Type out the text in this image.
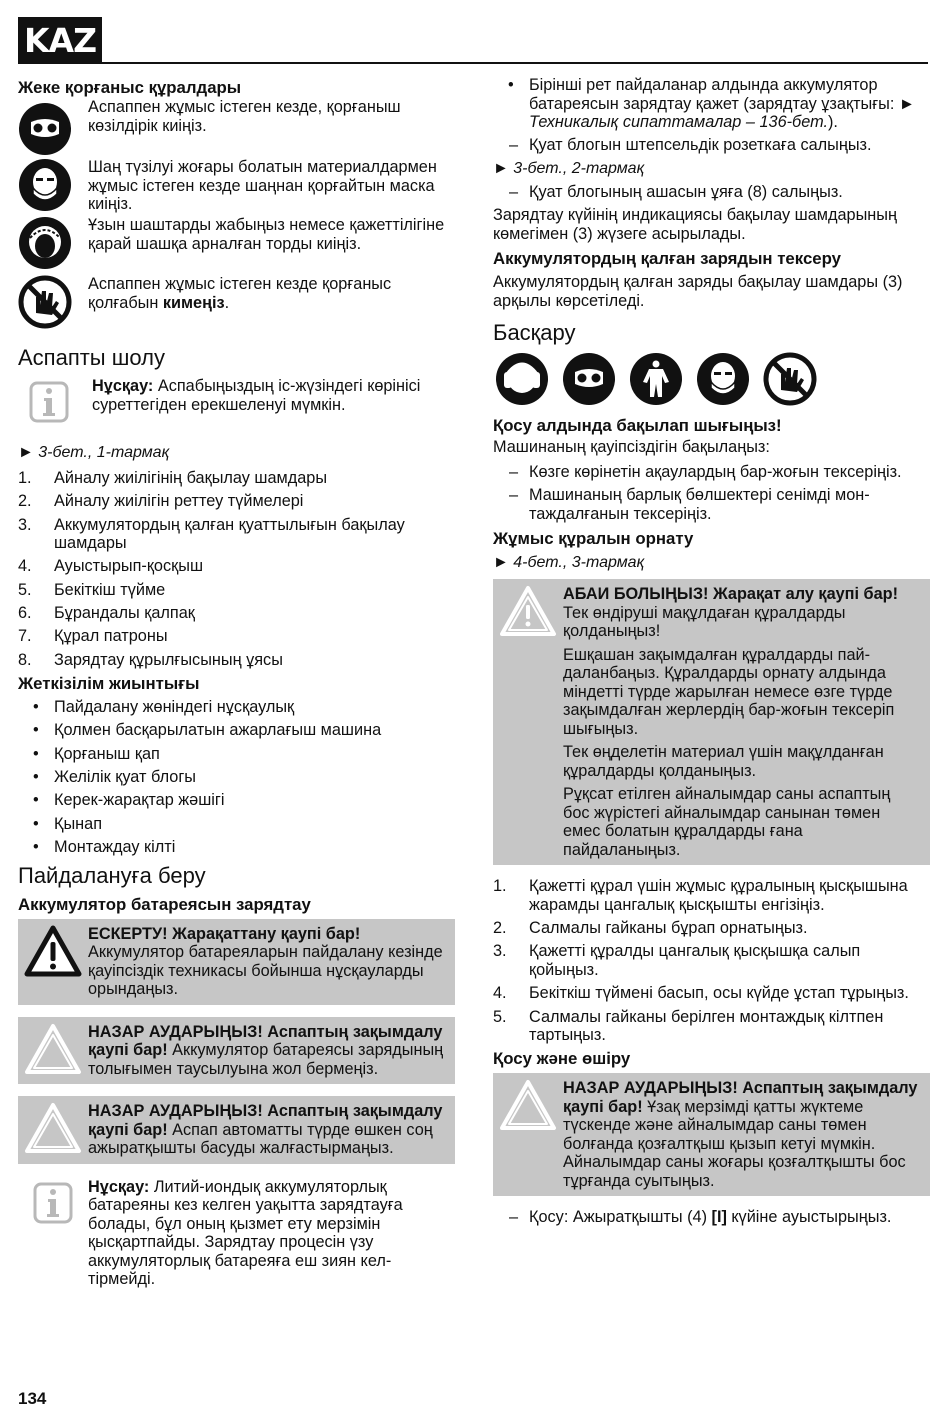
KAZ
Жеке қорғаныс құралдары

Аспаппен жұмыс істеген кезде, қорғаныш көзілдірік киіңіз.

Шаң түзілуі жоғары болатын материалдармен жұмыс істеген кезде шаңнан қорғайтын маска киіңіз.

Ұзын шаштарды жабыңыз немесе қажеттілігіне қарай шашқа арналған торды киіңіз.

Аспаппен жұмыс істеген кезде қорғаныс қолғабын кимеңіз.

Аспапты шолу
Нұсқау: Аспабыңыздың іс-жүзіндегі көрінісі суреттегіден ерекшеленуі мүмкін.
► 3-бет., 1-тармақ
1.	Айналу жиілігінің бақылау шамдары
2.	Айналу жиілігін реттеу түймелері
3.	Аккумулятордың қалған қуаттылығын бақылау шамдары
4.	Ауыстырып-қосқыш
5.	Бекіткіш түйме
6.	Бұрандалы қалпақ
7.	Құрал патроны
8.	Зарядтау құрылғысының ұясы
Жеткізілім жиынтығы
• Пайдалану жөніндегі нұсқаулық
• Қолмен басқарылатын ажарлағыш машина
• Қорғаныш қап
• Желілік қуат блогы
• Керек-жарақтар жәшігі
• Қынап
• Монтаждау кілті
Пайдалануға беру
Аккумулятор батареясын зарядтау
ЕСКЕРТУ! Жарақаттану қаупі бар! Аккумулятор батареяларын пайдалану кезінде қауіпсіздік техникасы бойынша нұсқауларды орындаңыз.
НАЗАР АУДАРЫҢЫЗ! Аспаптың зақымдалу қаупі бар! Аккумулятор батареясы зарядының толығымен таусылуына жол бермеңіз.
НАЗАР АУДАРЫҢЫЗ! Аспаптың зақымдалу қаупі бар! Аспап автоматты түрде өшкен соң ажыратқышты басуды жалғастырмаңыз.
Нұсқау: Литий-иондық аккумуляторлық батареяны кез келген уақытта зарядтауға болады, бұл оның қызмет ету мерзімін қысқартпайды. Зарядтау процесін үзу аккумуляторлық батареяға еш зиян келтірмейді.
• Бірінші рет пайдаланар алдында аккумулятор батареясын зарядтау қажет (зарядтау ұзақтығы: ► Техникалық сипаттамалар – 136-бет.).
– Қуат блогын штепсельдік розеткаға салыңыз.
► 3-бет., 2-тармақ
– Қуат блогының ашасын ұяға (8) салыңыз.

Зарядтау күйінің индикациясы бақылау шамдарының көмегімен (3) жүзеге асырылады.

Аккумулятордың қалған зарядын тексеру

Аккумулятордың қалған заряды бақылау шамдары (3) арқылы көрсетіледі.

Басқару
Қосу алдында бақылап шығыңыз!

Машинаның қауіпсіздігін бақылаңыз:

– Көзге көрінетін ақаулардың бар-жоғын тексеріңіз.
– Машинаның барлық бөлшектері сенімді монтаждалғанын тексеріңіз.
Жұмыс құралын орнату
► 4-бет., 3-тармақ

АБАИ БОЛЫҢЫЗ! Жарақат алу қаупі бар! Тек өндіруші мақұлдаған құралдарды қолданыңыз!

Ешқашан зақымдалған құралдарды пайдаланбаңыз. Құралдарды орнату алдында міндетті түрде жарылған немесе өзге түрде зақымдалған жерлердің бар-жоғын тексеріп шығыңыз.

Тек өңделетін материал үшін мақұлданған құралдарды қолданыңыз.

Рұқсат етілген айналымдар саны аспаптың бос жүрістегі айналымдар санынан төмен емес болатын құралдарды ғана пайдаланыңыз.

1.	Қажетті құрал үшін жұмыс құралының қысқышына жарамды цангалық қысқышты енгізіңіз.
2.	Салмалы гайканы бұрап орнатыңыз.
3.	Қажетті құралды цангалық қысқышқа салып қойыңыз.
4.	Бекіткіш түймені басып, осы күйде ұстап тұрыңыз.
5.	Салмалы гайканы берілген монтаждық кілтпен тартыңыз.
Қосу және өшіру
НАЗАР АУДАРЫҢЫЗ! Аспаптың зақымдалу қаупі бар! Ұзақ мерзімді қатты жүктеме түскенде және айналымдар саны төмен болғанда қозғалтқыш қызып кетуі мүмкін. Айналымдар саны жоғары қозғалтқышты бос тұрғанда суытыңыз.
– Қосу: Ажыратқышты (4) [I] күйіне ауыстырыңыз.
134
